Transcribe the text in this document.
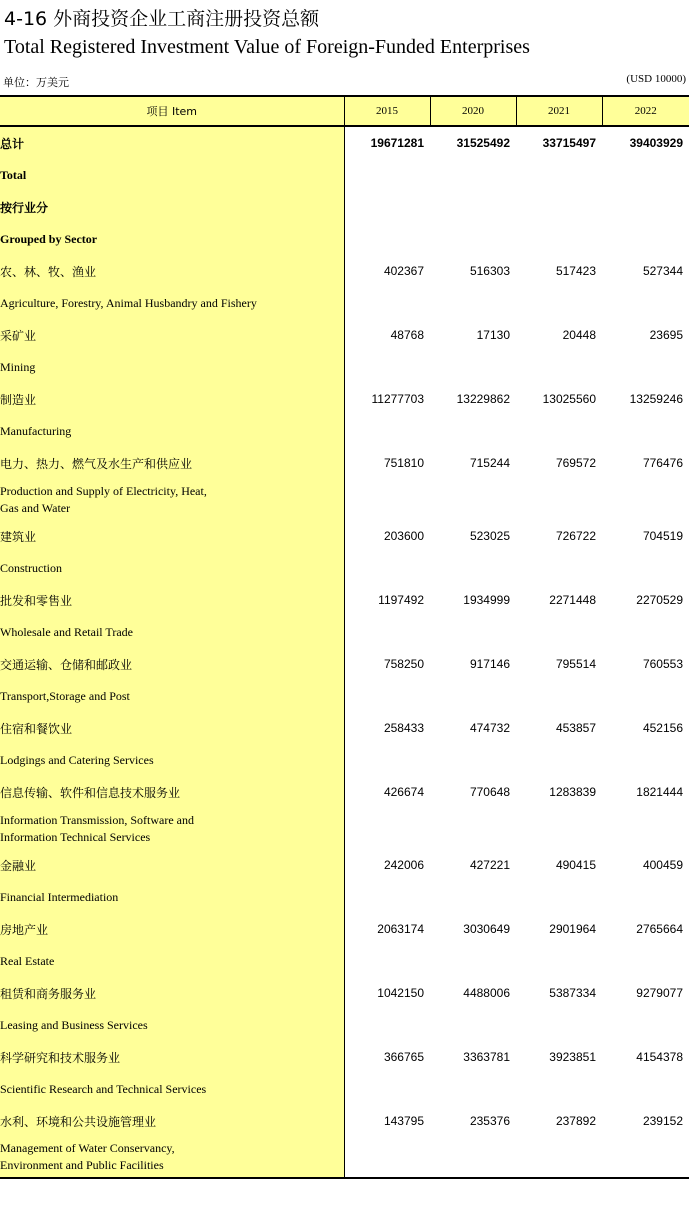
4-16 外商投资企业工商注册投资总额
Total Registered Investment Value of Foreign-Funded Enterprises
单位：万美元	(USD 10000)
项目 Item	2015	2020	2021	2022
总计	19671281	31525492	33715497	39403929
Total				
按行业分				
Grouped by Sector				
农、林、牧、渔业	402367	516303	517423	527344

Agriculture, Forestry, Animal Husbandry and Fishery				

采矿业	48768	17130	20448	23695

Mining				

制造业	11277703	13229862	13025560	13259246

Manufacturing				

电力、热力、燃气及水生产和供应业	751810	715244	769572	776476

Production and Supply of Electricity, Heat,
Gas and Water				

建筑业	203600	523025	726722	704519

Construction				

批发和零售业	1197492	1934999	2271448	2270529

Wholesale and Retail Trade				

交通运输、仓储和邮政业	758250	917146	795514	760553

Transport,Storage and Post				

住宿和餐饮业	258433	474732	453857	452156

Lodgings and Catering Services				

信息传输、软件和信息技术服务业	426674	770648	1283839	1821444

Information Transmission, Software and
Information Technical Services				

金融业	242006	427221	490415	400459

Financial Intermediation				

房地产业	2063174	3030649	2901964	2765664

Real Estate				

租赁和商务服务业	1042150	4488006	5387334	9279077

Leasing and Business Services				

科学研究和技术服务业	366765	3363781	3923851	4154378

Scientific Research and Technical Services				

水利、环境和公共设施管理业	143795	235376	237892	239152

Management of Water Conservancy,
Environment and Public Facilities				
